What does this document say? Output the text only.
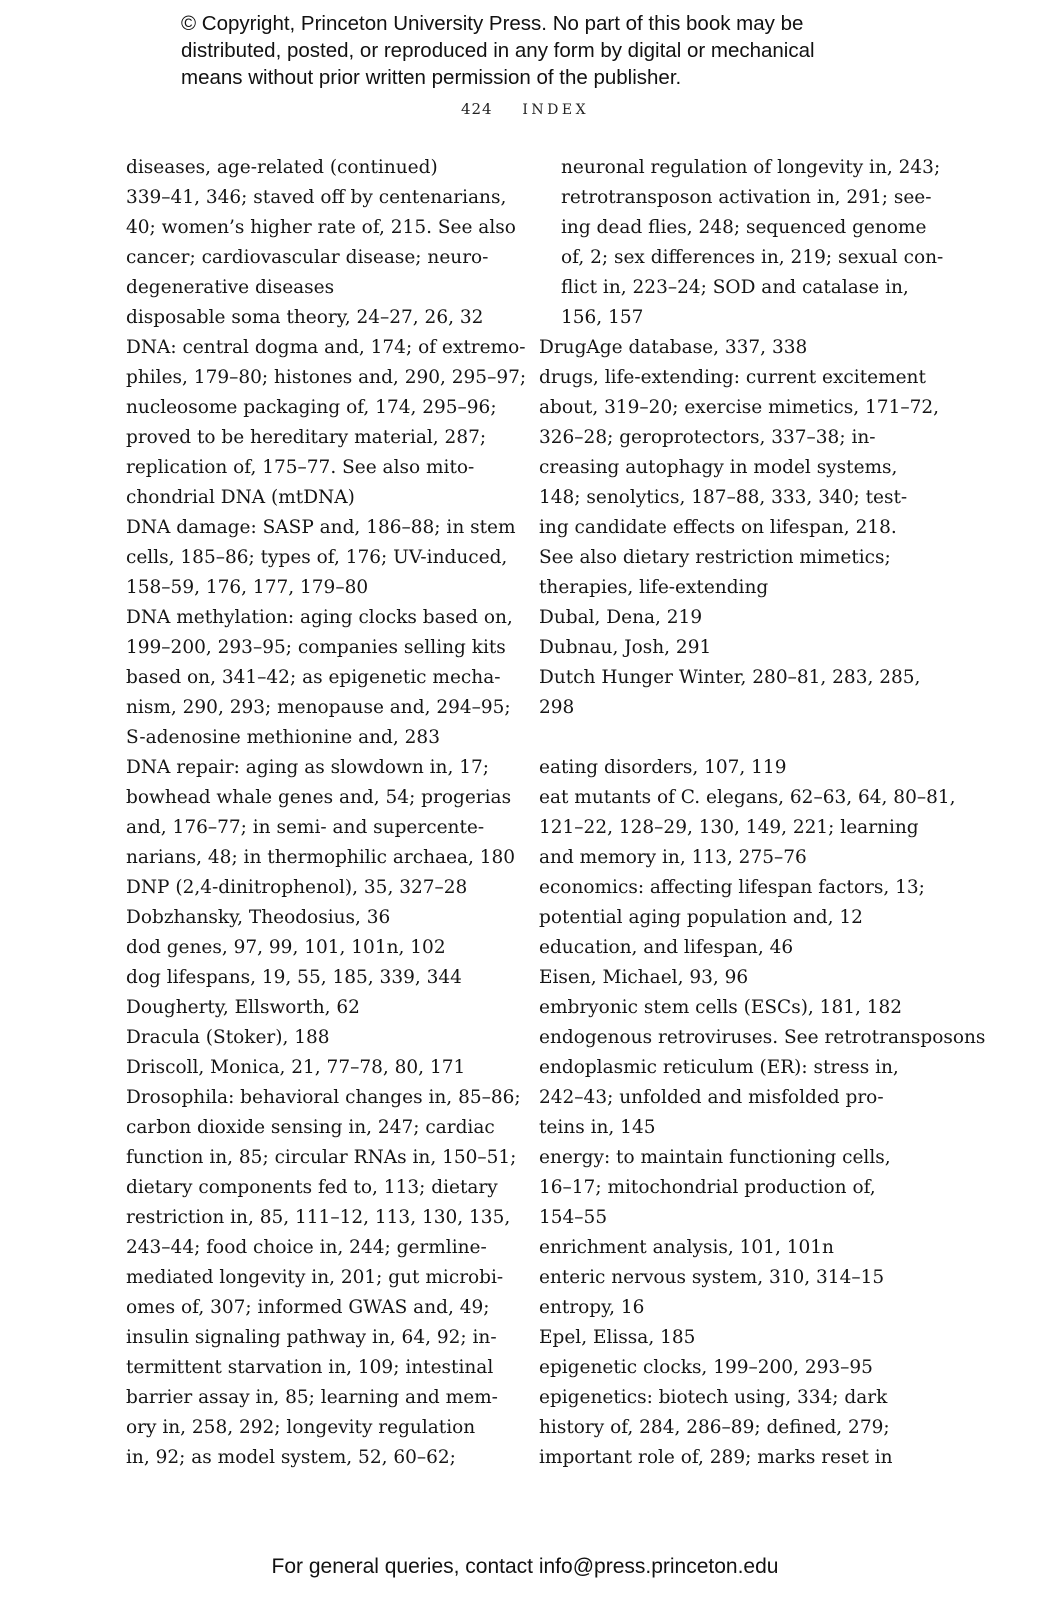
© Copyright, Princeton University Press. No part of this book may be
distributed, posted, or reproduced in any form by digital or mechanical
means without prior written permission of the publisher.
424 INDEX
diseases, age-related (continued)
339–41, 346; staved off by centenarians,
40; women’s higher rate of, 215. See also
cancer; cardiovascular disease; neuro-
degenerative diseases
disposable soma theory, 24–27, 26, 32
DNA: central dogma and, 174; of extremo-
philes, 179–80; histones and, 290, 295–97;
nucleosome packaging of, 174, 295–96;
proved to be hereditary material, 287;
replication of, 175–77. See also mito-
chondrial DNA (mtDNA)
DNA damage: SASP and, 186–88; in stem
cells, 185–86; types of, 176; UV-induced,
158–59, 176, 177, 179–80
DNA methylation: aging clocks based on,
199–200, 293–95; companies selling kits
based on, 341–42; as epigenetic mecha-
nism, 290, 293; menopause and, 294–95;
S-adenosine methionine and, 283
DNA repair: aging as slowdown in, 17;
bowhead whale genes and, 54; progerias
and, 176–77; in semi- and supercente-
narians, 48; in thermophilic archaea, 180
DNP (2,4-dinitrophenol), 35, 327–28
Dobzhansky, Theodosius, 36
dod genes, 97, 99, 101, 101n, 102
dog lifespans, 19, 55, 185, 339, 344
Dougherty, Ellsworth, 62
Dracula (Stoker), 188
Driscoll, Monica, 21, 77–78, 80, 171
Drosophila: behavioral changes in, 85–86;
carbon dioxide sensing in, 247; cardiac
function in, 85; circular RNAs in, 150–51;
dietary components fed to, 113; dietary
restriction in, 85, 111–12, 113, 130, 135,
243–44; food choice in, 244; germline-
mediated longevity in, 201; gut microbi-
omes of, 307; informed GWAS and, 49;
insulin signaling pathway in, 64, 92; in-
termittent starvation in, 109; intestinal
barrier assay in, 85; learning and mem-
ory in, 258, 292; longevity regulation
in, 92; as model system, 52, 60–62;
neuronal regulation of longevity in, 243;
retrotransposon activation in, 291; see-
ing dead flies, 248; sequenced genome
of, 2; sex differences in, 219; sexual con-
flict in, 223–24; SOD and catalase in,
156, 157
DrugAge database, 337, 338
drugs, life-extending: current excitement
about, 319–20; exercise mimetics, 171–72,
326–28; geroprotectors, 337–38; in-
creasing autophagy in model systems,
148; senolytics, 187–88, 333, 340; test-
ing candidate effects on lifespan, 218.
See also dietary restriction mimetics;
therapies, life-extending
Dubal, Dena, 219
Dubnau, Josh, 291
Dutch Hunger Winter, 280–81, 283, 285,
298
eating disorders, 107, 119
eat mutants of C. elegans, 62–63, 64, 80–81,
121–22, 128–29, 130, 149, 221; learning
and memory in, 113, 275–76
economics: affecting lifespan factors, 13;
potential aging population and, 12
education, and lifespan, 46
Eisen, Michael, 93, 96
embryonic stem cells (ESCs), 181, 182
endogenous retroviruses. See retrotransposons
endoplasmic reticulum (ER): stress in,
242–43; unfolded and misfolded pro-
teins in, 145
energy: to maintain functioning cells,
16–17; mitochondrial production of,
154–55
enrichment analysis, 101, 101n
enteric nervous system, 310, 314–15
entropy, 16
Epel, Elissa, 185
epigenetic clocks, 199–200, 293–95
epigenetics: biotech using, 334; dark
history of, 284, 286–89; defined, 279;
important role of, 289; marks reset in
For general queries, contact info@press.princeton.edu
